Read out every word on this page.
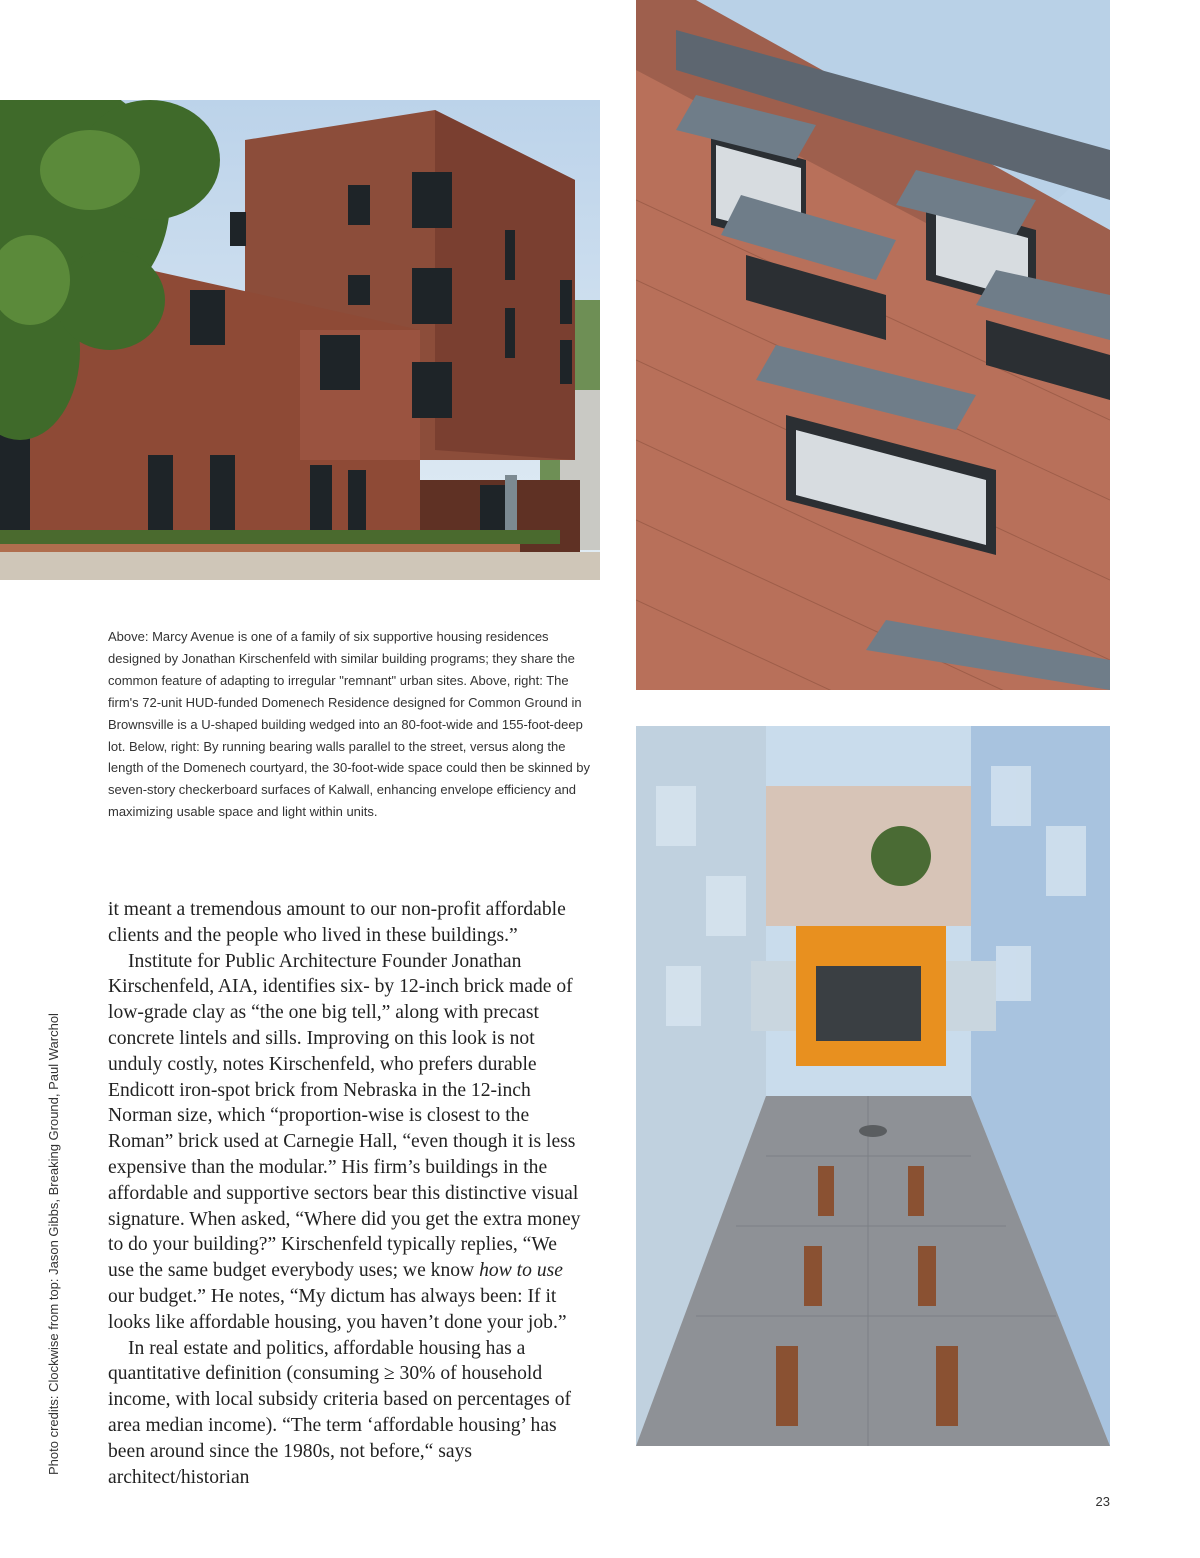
Above: Marcy Avenue is one of a family of six supportive housing residences designed by Jonathan Kirschenfeld with similar building programs; they share the common feature of adapting to irregular "remnant" urban sites. Above, right: The firm's 72-unit HUD-funded Domenech Residence designed for Common Ground in Brownsville is a U-shaped building wedged into an 80-foot-wide and 155-foot-deep lot. Below, right: By running bearing walls parallel to the street, versus along the length of the Domenech courtyard, the 30-foot-wide space could then be skinned by seven-story checkerboard surfaces of Kalwall, enhancing envelope efficiency and maximizing usable space and light within units.

it meant a tremendous amount to our non-profit affordable clients and the people who lived in these buildings.”

Institute for Public Architecture Founder Jonathan Kirschenfeld, AIA, identifies six- by 12-inch brick made of low-grade clay as “the one big tell,” along with precast concrete lintels and sills. Improving on this look is not unduly costly, notes Kirschenfeld, who prefers durable Endicott iron-spot brick from Nebraska in the 12-inch Norman size, which “proportion-wise is closest to the Roman” brick used at Carnegie Hall, “even though it is less expensive than the modular.” His firm’s buildings in the affordable and supportive sectors bear this distinctive visual signature. When asked, “Where did you get the extra money to do your building?” Kirschenfeld typically replies, “We use the same budget everybody uses; we know how to use our budget.” He notes, “My dictum has always been: If it looks like affordable housing, you haven’t done your job.”

In real estate and politics, affordable housing has a quantitative definition (consuming ≥ 30% of household income, with local subsidy criteria based on percentages of area median income). “The term ‘affordable housing’ has been around since the 1980s, not before,“ says architect/historian

Photo credits: Clockwise from top: Jason Gibbs, Breaking Ground, Paul Warchol
23
